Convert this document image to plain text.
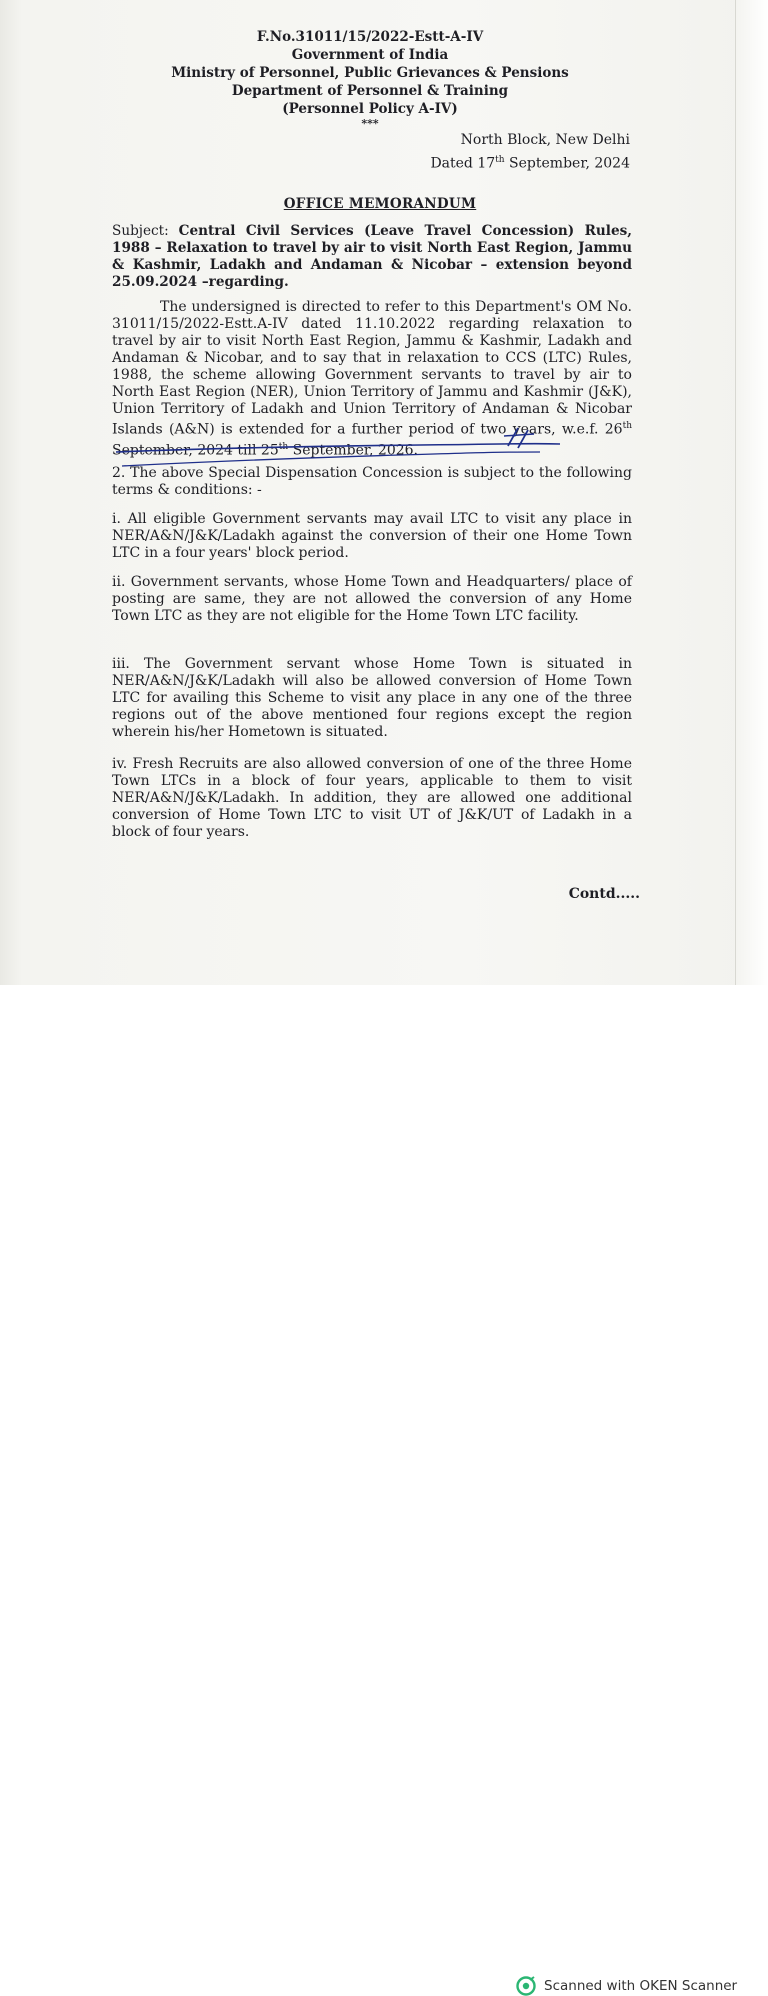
F.No.31011/15/2022-Estt-A-IV
Government of India
Ministry of Personnel, Public Grievances & Pensions
Department of Personnel & Training
(Personnel Policy A-IV)
***
North Block, New Delhi
Dated 17th September, 2024
OFFICE MEMORANDUM
Subject: Central Civil Services (Leave Travel Concession) Rules, 1988 – Relaxation to travel by air to visit North East Region, Jammu & Kashmir, Ladakh and Andaman & Nicobar – extension beyond 25.09.2024 –regarding.
The undersigned is directed to refer to this Department's OM No. 31011/15/2022-Estt.A-IV dated 11.10.2022 regarding relaxation to travel by air to visit North East Region, Jammu & Kashmir, Ladakh and Andaman & Nicobar, and to say that in relaxation to CCS (LTC) Rules, 1988, the scheme allowing Government servants to travel by air to North East Region (NER), Union Territory of Jammu and Kashmir (J&K), Union Territory of Ladakh and Union Territory of Andaman & Nicobar Islands (A&N) is extended for a further period of two years, w.e.f. 26th September, 2024 till 25th September, 2026.
2. The above Special Dispensation Concession is subject to the following terms & conditions: -
i. All eligible Government servants may avail LTC to visit any place in NER/A&N/J&K/Ladakh against the conversion of their one Home Town LTC in a four years' block period.
ii. Government servants, whose Home Town and Headquarters/ place of posting are same, they are not allowed the conversion of any Home Town LTC as they are not eligible for the Home Town LTC facility.
iii. The Government servant whose Home Town is situated in NER/A&N/J&K/Ladakh will also be allowed conversion of Home Town LTC for availing this Scheme to visit any place in any one of the three regions out of the above mentioned four regions except the region wherein his/her Hometown is situated.
iv. Fresh Recruits are also allowed conversion of one of the three Home Town LTCs in a block of four years, applicable to them to visit NER/A&N/J&K/Ladakh. In addition, they are allowed one additional conversion of Home Town LTC to visit UT of J&K/UT of Ladakh in a block of four years.
Contd.....
Scanned with OKEN Scanner
